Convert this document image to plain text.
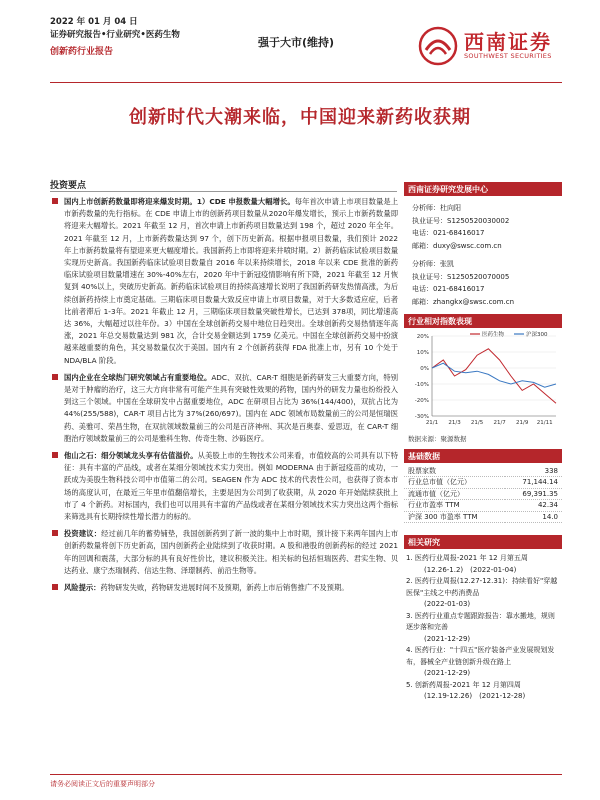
2022 年 01 月 04 日
证券研究报告•行业研究•医药生物
创新药行业报告
强于大市(维持)	西南证券
SOUTHWEST SECURITIES
创新时代大潮来临，中国迎来新药收获期
投资要点
国内上市创新药数量即将迎来爆发时期。1）CDE 申报数量大幅增长。每年首次申请上市项目数量是上市新药数量的先行指标。在 CDE 申请上市的创新药项目数量从2020年爆发增长，预示上市新药数量即将迎来大幅增长。2021 年截至 12 月，首次申请上市新药项目数量达到 198 个，超过 2020 年全年。2021 年截至 12 月，上市新药数量达到 97 个，创下历史新高。根据申报项目数量，我们预计 2022 年上市新药数量将有望迎来更大幅度增长。我国新药上市即将迎来井喷时期。2）新药临床试验项目数量实现历史新高。我国新药临床试验项目数量自 2016 年以来持续增长，2018 年以来 CDE 批准的新药临床试验项目数量增速在 30%-40%左右，2020 年中于新冠疫情影响有所下降，2021 年截至 12 月恢复到 40%以上，突破历史新高。新药临床试验项目的持续高速增长说明了我国新药研发热情高涨，为后续创新药持续上市奠定基础。三期临床项目数量大致反应申请上市项目数量，对于大多数适应症，后者比前者滞后 1-3年。2021 年截止 12 月，三期临床项目数量突破性增长，已达到 378项，同比增速高达 36%，大幅超过以往年份。3）中国在全球创新药交易中地位日趋突出。全球创新药交易热情逐年高涨，2021 年总交易数量达到 981 次，合计交易金额达到 1759 亿美元。中国在全球创新药交易中扮演越来越重要的角色，其交易数量仅次于美国。国内有 2 个创新药获得 FDA 批准上市，另有 10 个处于 NDA/BLA 阶段。
国内企业在全球热门研究领域占有重要地位。ADC、双抗、CAR-T 细胞是新药研发三大重要方向，特别是对于肿瘤的治疗，这三大方向非常有可能产生具有突破性效果的药物，国内外的研发力量也纷纷投入到这三个领域。中国在全球研发中占据重要地位，ADC 在研项目占比为 36%(144/400)，双抗占比为 44%(255/588)，CAR-T 项目占比为 37%(260/697)。国内在 ADC 领域布局数量前三的公司是恒瑞医药、美雅可、荣昌生物，在双抗领域数量前三的公司是百济神州、其次是百奥泰、爱思迈，在 CAR-T 细胞治疗领域数量前三的公司是雅科生物、传奇生物、沙砾医疗。
他山之石：细分领域龙头享有估值溢价。从美股上市的生物技术公司来看，市值较高的公司具有以下特征：具有丰富的产品线，或者在某细分领域技术实力突出。例如 MODERNA 由于新冠疫苗的成功，一跃成为美股生物科技公司中市值第二的公司。SEAGEN 作为 ADC 技术的代表性公司，也获得了资本市场的高度认可，在最近三年里市值翻倍增长，主要是因为公司到了收获期，从 2020 年开始陆续获批上市了 4 个新药。对标国内，我们也可以用具有丰富的产品线或者在某细分领域技术实力突出这两个指标来筛选具有长期持续性增长潜力的标的。
投资建议：经过前几年的蓄势铺垫，我国创新药到了新一波的集中上市时期，预计接下来两年国内上市创新药数量将创下历史新高，国内创新药企业陆续到了收获时期。A 股和港股的创新药标的经过 2021 年的回调和震荡，大部分标的具有良好性价比，建议积极关注。相关标的包括恒瑞医药、君实生物、贝达药业、康宁杰瑞制药、信达生物、泽璟制药、前沿生物等。
风险提示：药物研发失败，药物研发进展时间不及预期，新药上市后销售推广不及预期。
西南证券研究发展中心
分析师：杜向阳
执业证号：S1250520030002
电话：021-68416017
邮箱：duxy@swsc.com.cn
分析师：张凯
执业证号：S1250520070005
电话：021-68416017
邮箱：zhangkx@swsc.com.cn
行业相对指数表现
20%
10%
0%
-10%
-20%
-30%
21/1 21/3 21/5 21/7 21/9 21/11
医药生物	沪深300
数据来源：聚源数据
基础数据
股票家数	338
行业总市值（亿元）	71,144.14
流通市值（亿元）	69,391.35
行业市盈率 TTM	42.34
沪深 300 市盈率 TTM	14.0
相关研究
1. 医药行业周报-2021 年 12 月第五周
(12.26-1.2)　(2022-01-04)
2. 医药行业周报(12.27-12.31)：持续看好"穿越医保"主线之中药消费品
(2022-01-03)
3. 医药行业重点专题跟踪报告：靠水搬地，规则逐步落和完善
(2021-12-29)
4. 医药行业："十四五"医疗装备产业发展规划发布，器械全产业链创新升级在路上
(2021-12-29)
5. 创新药周报-2021 年 12 月第四周
(12.19-12.26)　(2021-12-28)
请务必阅读正文后的重要声明部分
